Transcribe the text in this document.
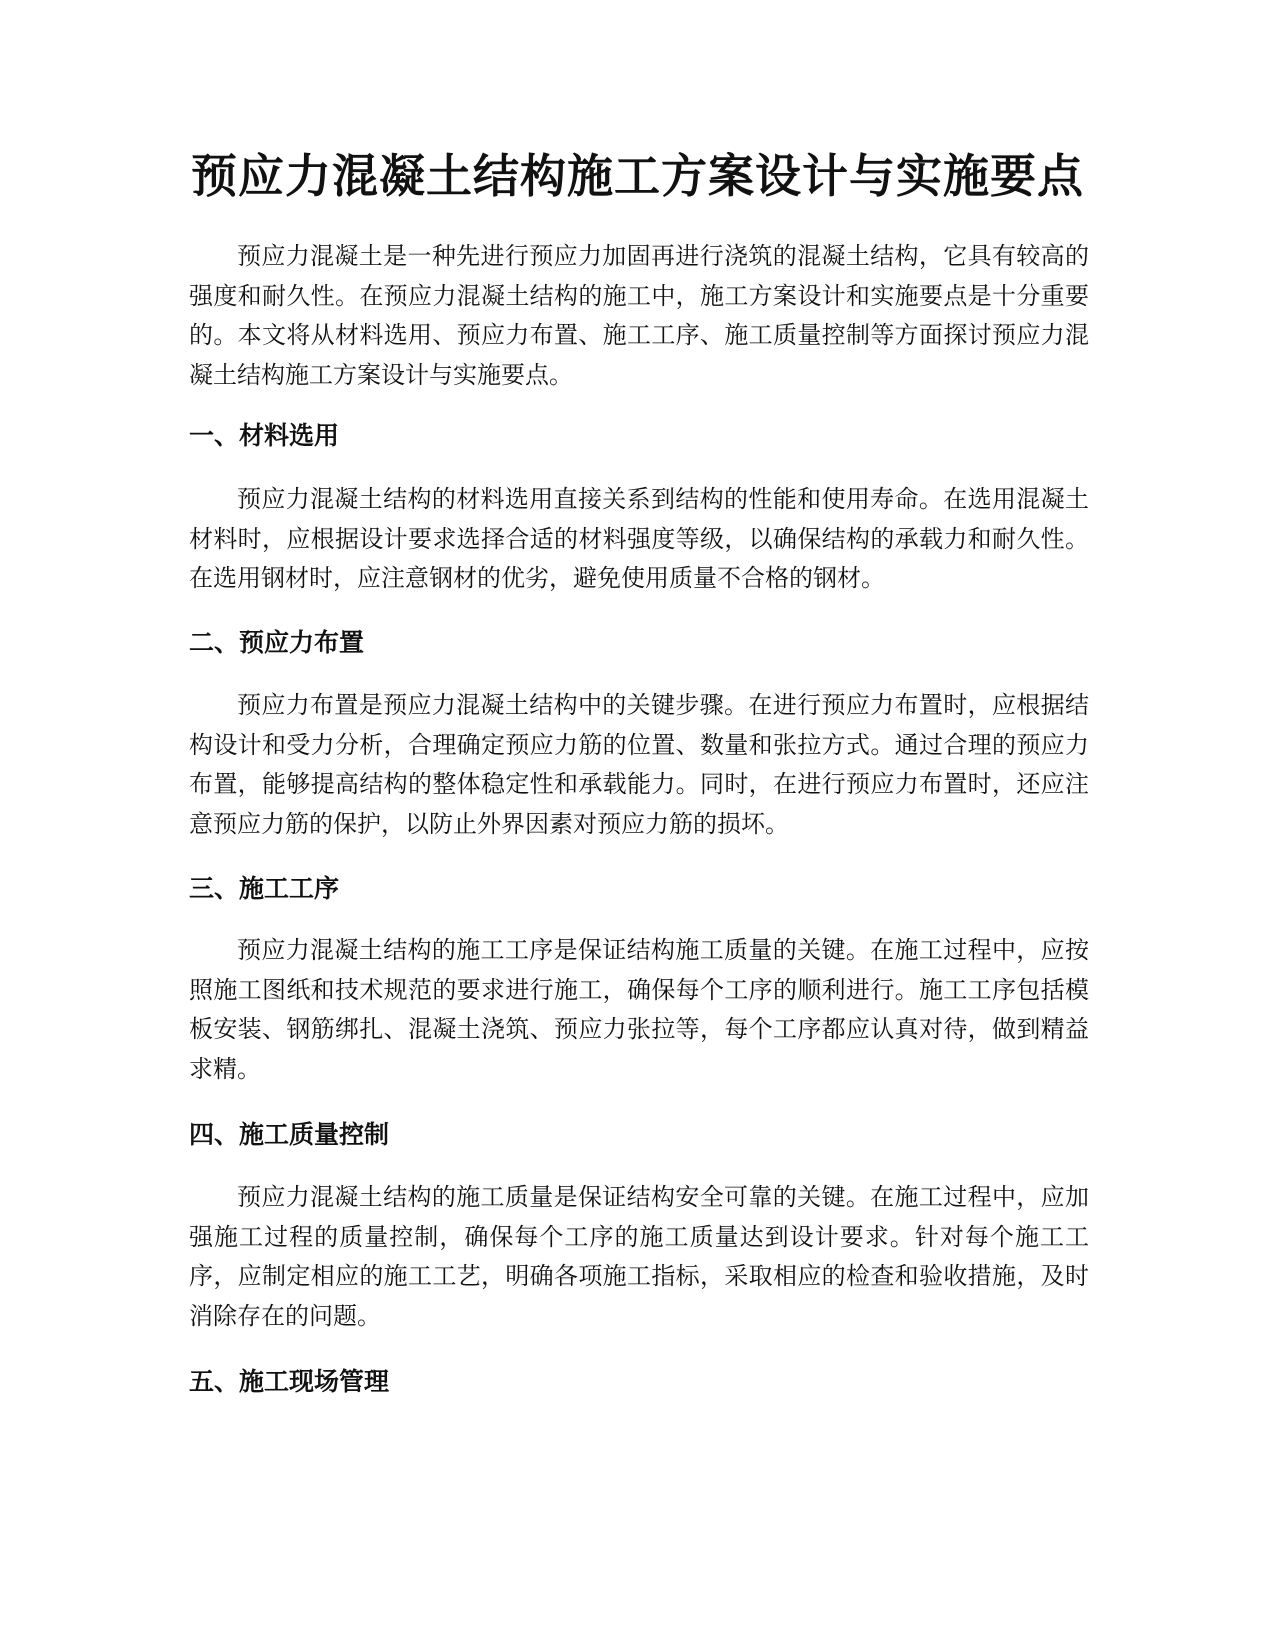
预应力混凝土结构施工方案设计与实施要点

预应力混凝土是一种先进行预应力加固再进行浇筑的混凝土结构，它具有较高的强度和耐久性。在预应力混凝土结构的施工中，施工方案设计和实施要点是十分重要的。本文将从材料选用、预应力布置、施工工序、施工质量控制等方面探讨预应力混凝土结构施工方案设计与实施要点。

一、材料选用

预应力混凝土结构的材料选用直接关系到结构的性能和使用寿命。在选用混凝土材料时，应根据设计要求选择合适的材料强度等级，以确保结构的承载力和耐久性。在选用钢材时，应注意钢材的优劣，避免使用质量不合格的钢材。

二、预应力布置

预应力布置是预应力混凝土结构中的关键步骤。在进行预应力布置时，应根据结构设计和受力分析，合理确定预应力筋的位置、数量和张拉方式。通过合理的预应力布置，能够提高结构的整体稳定性和承载能力。同时，在进行预应力布置时，还应注意预应力筋的保护，以防止外界因素对预应力筋的损坏。

三、施工工序

预应力混凝土结构的施工工序是保证结构施工质量的关键。在施工过程中，应按照施工图纸和技术规范的要求进行施工，确保每个工序的顺利进行。施工工序包括模板安装、钢筋绑扎、混凝土浇筑、预应力张拉等，每个工序都应认真对待，做到精益求精。

四、施工质量控制

预应力混凝土结构的施工质量是保证结构安全可靠的关键。在施工过程中，应加强施工过程的质量控制，确保每个工序的施工质量达到设计要求。针对每个施工工序，应制定相应的施工工艺，明确各项施工指标，采取相应的检查和验收措施，及时消除存在的问题。

五、施工现场管理
